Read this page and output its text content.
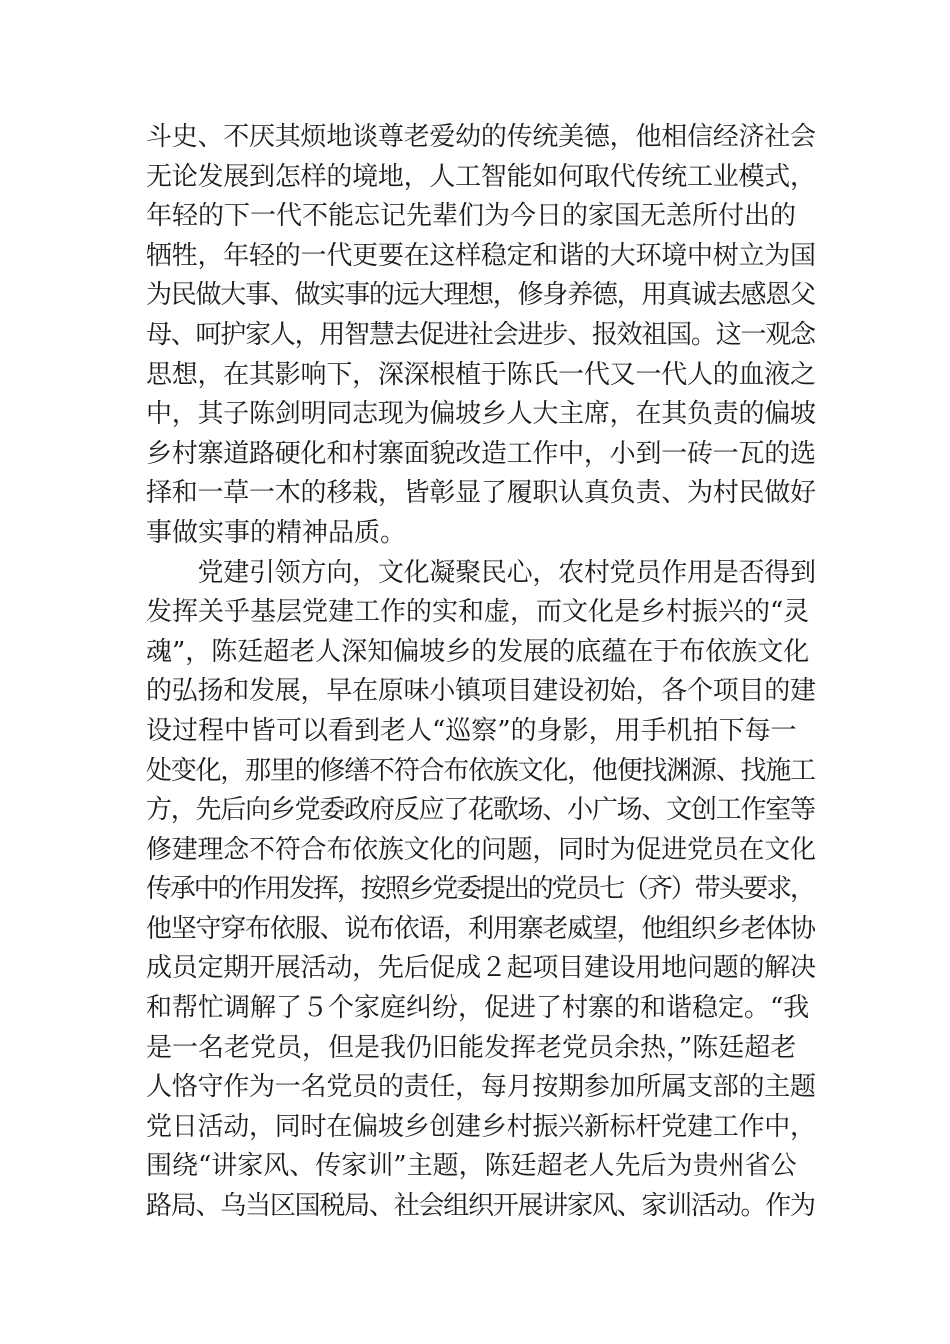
斗史、不厌其烦地谈尊老爱幼的传统美德，他相信经济社会
无论发展到怎样的境地，人工智能如何取代传统工业模式，
年轻的下一代不能忘记先辈们为今日的家国无恙所付出的
牺牲，年轻的一代更要在这样稳定和谐的大环境中树立为国
为民做大事、做实事的远大理想，修身养德，用真诚去感恩父
母、呵护家人，用智慧去促进社会进步、报效祖国。这一观念
思想，在其影响下，深深根植于陈氏一代又一代人的血液之
中，其子陈剑明同志现为偏坡乡人大主席，在其负责的偏坡
乡村寨道路硬化和村寨面貌改造工作中，小到一砖一瓦的选
择和一草一木的移栽，皆彰显了履职认真负责、为村民做好
事做实事的精神品质。
　　党建引领方向，文化凝聚民心，农村党员作用是否得到
发挥关乎基层党建工作的实和虚，而文化是乡村振兴的“灵
魂”，陈廷超老人深知偏坡乡的发展的底蕴在于布依族文化
的弘扬和发展，早在原味小镇项目建设初始，各个项目的建
设过程中皆可以看到老人“巡察”的身影，用手机拍下每一
处变化，那里的修缮不符合布依族文化，他便找渊源、找施工
方，先后向乡党委政府反应了花歌场、小广场、文创工作室等
修建理念不符合布依族文化的问题，同时为促进党员在文化
传承中的作用发挥，按照乡党委提出的党员七（齐）带头要求，
他坚守穿布依服、说布依语，利用寨老威望，他组织乡老体协
成员定期开展活动，先后促成２起项目建设用地问题的解决
和帮忙调解了５个家庭纠纷，促进了村寨的和谐稳定。“我
是一名老党员，但是我仍旧能发挥老党员余热，”陈廷超老
人恪守作为一名党员的责任，每月按期参加所属支部的主题
党日活动，同时在偏坡乡创建乡村振兴新标杆党建工作中，
围绕“讲家风、传家训”主题，陈廷超老人先后为贵州省公
路局、乌当区国税局、社会组织开展讲家风、家训活动。作为
